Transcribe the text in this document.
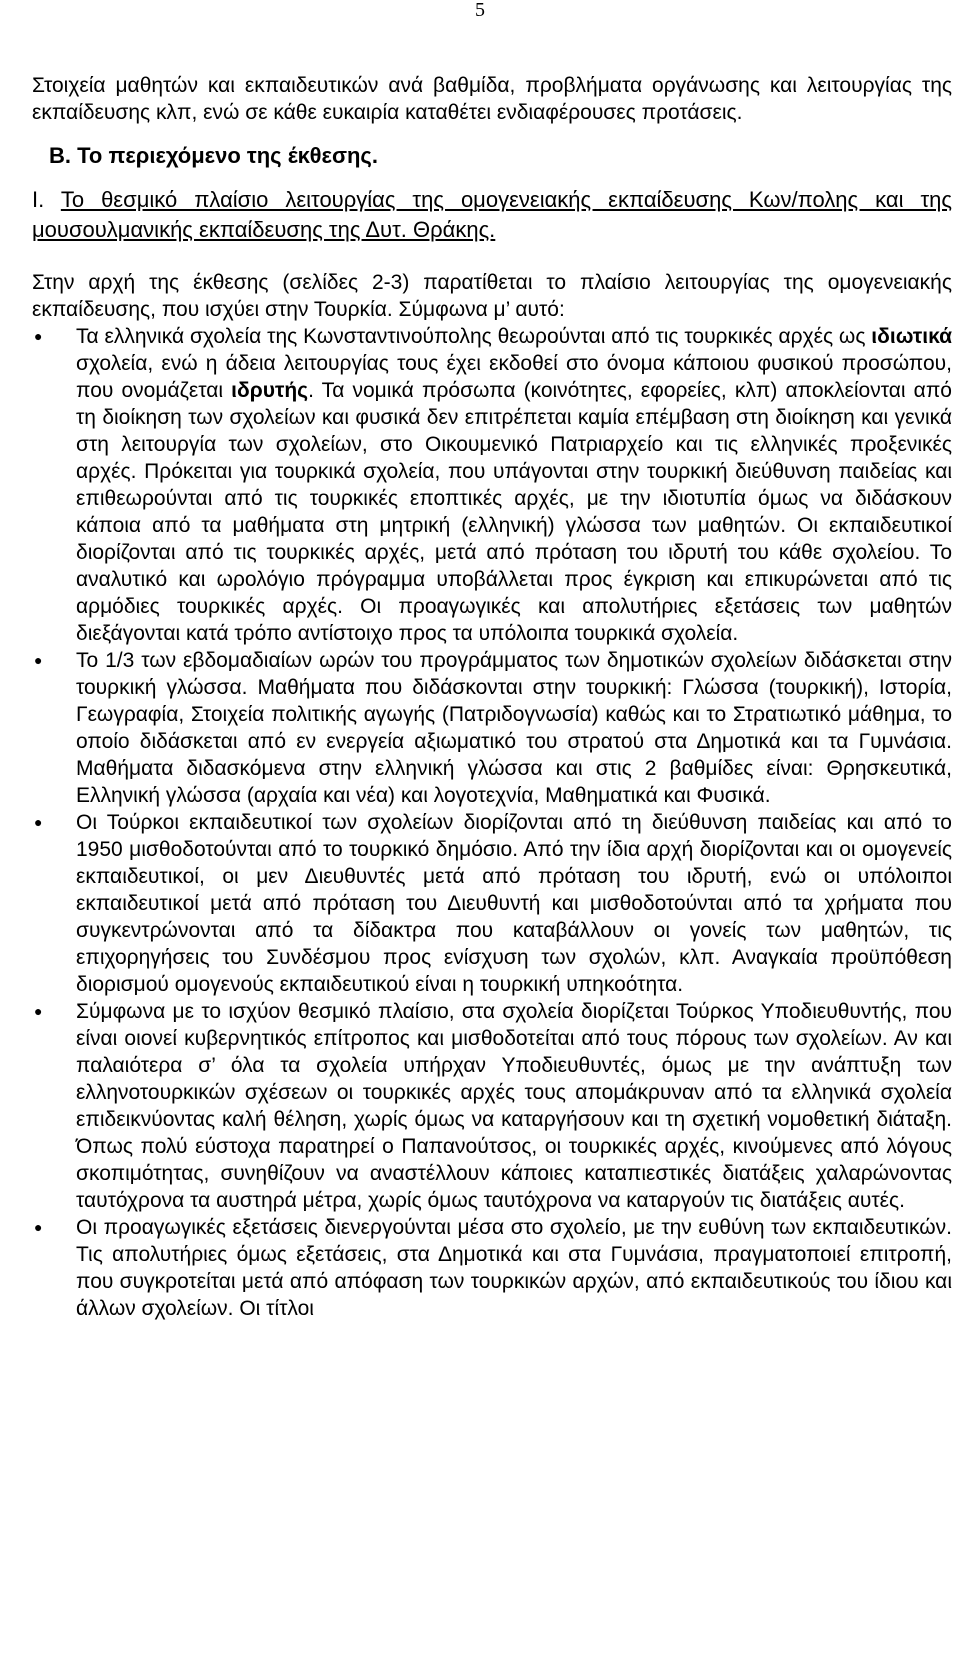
5

Στοιχεία μαθητών και εκπαιδευτικών ανά βαθμίδα, προβλήματα οργάνωσης και λειτουργίας της εκπαίδευσης κλπ, ενώ σε κάθε ευκαιρία καταθέτει ενδιαφέρουσες προτάσεις.

Β. Το περιεχόμενο της έκθεσης.

Ι. Το θεσμικό πλαίσιο λειτουργίας της ομογενειακής εκπαίδευσης Κων/πολης και της μουσουλμανικής εκπαίδευσης της Δυτ. Θράκης.

Στην αρχή της έκθεσης (σελίδες 2-3) παρατίθεται το πλαίσιο λειτουργίας της ομογενειακής εκπαίδευσης, που ισχύει στην Τουρκία. Σύμφωνα μ’ αυτό:

● Τα ελληνικά σχολεία της Κωνσταντινούπολης θεωρούνται από τις τουρκικές αρχές ως ιδιωτικά σχολεία, ενώ η άδεια λειτουργίας τους έχει εκδοθεί στο όνομα κάποιου φυσικού προσώπου, που ονομάζεται ιδρυτής. Τα νομικά πρόσωπα (κοινότητες, εφορείες, κλπ) αποκλείονται από τη διοίκηση των σχολείων και φυσικά δεν επιτρέπεται καμία επέμβαση στη διοίκηση και γενικά στη λειτουργία των σχολείων, στο Οικουμενικό Πατριαρχείο και τις ελληνικές προξενικές αρχές. Πρόκειται για τουρκικά σχολεία, που υπάγονται στην τουρκική διεύθυνση παιδείας και επιθεωρούνται από τις τουρκικές εποπτικές αρχές, με την ιδιοτυπία όμως να διδάσκουν κάποια από τα μαθήματα στη μητρική (ελληνική) γλώσσα των μαθητών. Οι εκπαιδευτικοί διορίζονται από τις τουρκικές αρχές, μετά από πρόταση του ιδρυτή του κάθε σχολείου. Το αναλυτικό και ωρολόγιο πρόγραμμα υποβάλλεται προς έγκριση και επικυρώνεται από τις αρμόδιες τουρκικές αρχές. Οι προαγωγικές και απολυτήριες εξετάσεις των μαθητών διεξάγονται κατά τρόπο αντίστοιχο προς τα υπόλοιπα τουρκικά σχολεία.
● Το 1/3 των εβδομαδιαίων ωρών του προγράμματος των δημοτικών σχολείων διδάσκεται στην τουρκική γλώσσα. Μαθήματα που διδάσκονται στην τουρκική: Γλώσσα (τουρκική), Ιστορία, Γεωγραφία, Στοιχεία πολιτικής αγωγής (Πατριδογνωσία) καθώς και το Στρατιωτικό μάθημα, το οποίο διδάσκεται από εν ενεργεία αξιωματικό του στρατού στα Δημοτικά και τα Γυμνάσια. Μαθήματα διδασκόμενα στην ελληνική γλώσσα και στις 2 βαθμίδες είναι: Θρησκευτικά, Ελληνική γλώσσα (αρχαία και νέα) και λογοτεχνία, Μαθηματικά και Φυσικά.
● Οι Τούρκοι εκπαιδευτικοί των σχολείων διορίζονται από τη διεύθυνση παιδείας και από το 1950 μισθοδοτούνται από το τουρκικό δημόσιο. Από την ίδια αρχή διορίζονται και οι ομογενείς εκπαιδευτικοί, οι μεν Διευθυντές μετά από πρόταση του ιδρυτή, ενώ οι υπόλοιποι εκπαιδευτικοί μετά από πρόταση του Διευθυντή και μισθοδοτούνται από τα χρήματα που συγκεντρώνονται από τα δίδακτρα που καταβάλλουν οι γονείς των μαθητών, τις επιχορηγήσεις του Συνδέσμου προς ενίσχυση των σχολών, κλπ. Αναγκαία προϋπόθεση διορισμού ομογενούς εκπαιδευτικού είναι η τουρκική υπηκοότητα.
● Σύμφωνα με το ισχύον θεσμικό πλαίσιο, στα σχολεία διορίζεται Τούρκος Υποδιευθυντής, που είναι οιονεί κυβερνητικός επίτροπος και μισθοδοτείται από τους πόρους των σχολείων. Αν και παλαιότερα σ’ όλα τα σχολεία υπήρχαν Υποδιευθυντές, όμως με την ανάπτυξη των ελληνοτουρκικών σχέσεων οι τουρκικές αρχές τους απομάκρυναν από τα ελληνικά σχολεία επιδεικνύοντας καλή θέληση, χωρίς όμως να καταργήσουν και τη σχετική νομοθετική διάταξη. Όπως πολύ εύστοχα παρατηρεί ο Παπανούτσος, οι τουρκικές αρχές, κινούμενες από λόγους σκοπιμότητας, συνηθίζουν να αναστέλλουν κάποιες καταπιεστικές διατάξεις χαλαρώνοντας ταυτόχρονα τα αυστηρά μέτρα, χωρίς όμως ταυτόχρονα να καταργούν τις διατάξεις αυτές.
● Οι προαγωγικές εξετάσεις διενεργούνται μέσα στο σχολείο, με την ευθύνη των εκπαιδευτικών. Τις απολυτήριες όμως εξετάσεις, στα Δημοτικά και στα Γυμνάσια, πραγματοποιεί επιτροπή, που συγκροτείται μετά από απόφαση των τουρκικών αρχών, από εκπαιδευτικούς του ίδιου και άλλων σχολείων. Οι τίτλοι
